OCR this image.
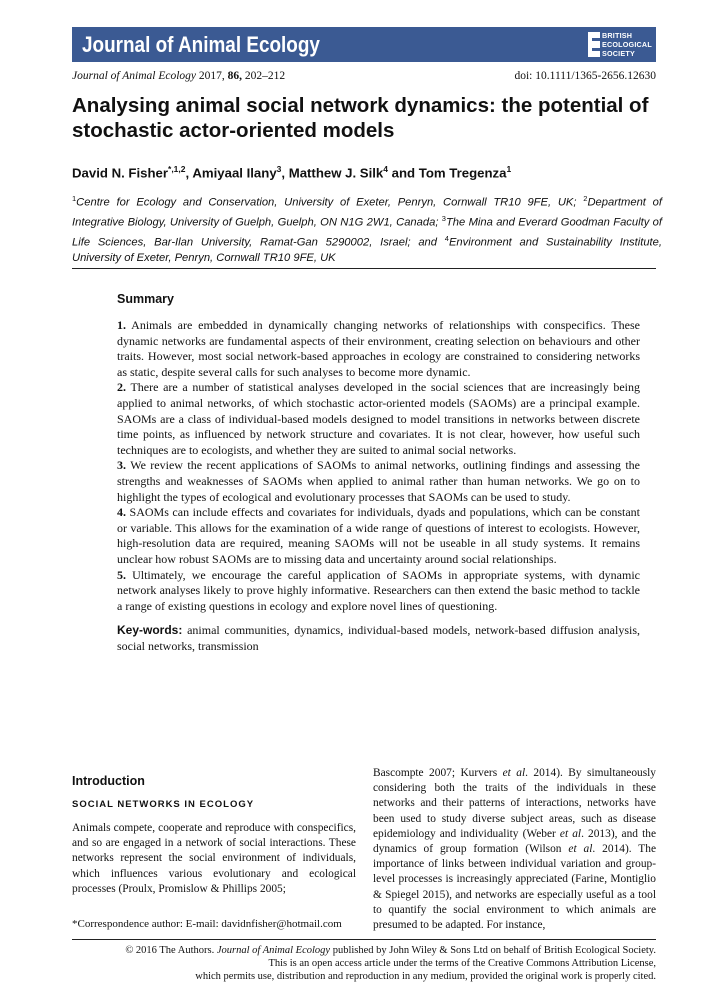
Journal of Animal Ecology	BRITISH
ECOLOGICAL
SOCIETY
Journal of Animal Ecology 2017, 86, 202–212	doi: 10.1111/1365-2656.12630
Analysing animal social network dynamics: the potential of stochastic actor-oriented models
David N. Fisher$^{*,1,2}$, Amiyaal Ilany$^3$, Matthew J. Silk$^4$ and Tom Tregenza$^1$
$^1$Centre for Ecology and Conservation, University of Exeter, Penryn, Cornwall TR10 9FE, UK; $^2$Department of Integrative Biology, University of Guelph, Guelph, ON N1G 2W1, Canada; $^3$The Mina and Everard Goodman Faculty of Life Sciences, Bar-Ilan University, Ramat-Gan 5290002, Israel; and $^4$Environment and Sustainability Institute, University of Exeter, Penryn, Cornwall TR10 9FE, UK
Summary

1. Animals are embedded in dynamically changing networks of relationships with conspecifics. These dynamic networks are fundamental aspects of their environment, creating selection on behaviours and other traits. However, most social network-based approaches in ecology are constrained to considering networks as static, despite several calls for such analyses to become more dynamic.

2. There are a number of statistical analyses developed in the social sciences that are increasingly being applied to animal networks, of which stochastic actor-oriented models (SAOMs) are a principal example. SAOMs are a class of individual-based models designed to model transitions in networks between discrete time points, as influenced by network structure and covariates. It is not clear, however, how useful such techniques are to ecologists, and whether they are suited to animal social networks.

3. We review the recent applications of SAOMs to animal networks, outlining findings and assessing the strengths and weaknesses of SAOMs when applied to animal rather than human networks. We go on to highlight the types of ecological and evolutionary processes that SAOMs can be used to study.

4. SAOMs can include effects and covariates for individuals, dyads and populations, which can be constant or variable. This allows for the examination of a wide range of questions of interest to ecologists. However, high-resolution data are required, meaning SAOMs will not be useable in all study systems. It remains unclear how robust SAOMs are to missing data and uncertainty around social relationships.

5. Ultimately, we encourage the careful application of SAOMs in appropriate systems, with dynamic network analyses likely to prove highly informative. Researchers can then extend the basic method to tackle a range of existing questions in ecology and explore novel lines of questioning.

Key-words: animal communities, dynamics, individual-based models, network-based diffusion analysis, social networks, transmission

Introduction
SOCIAL NETWORKS IN ECOLOGY

Animals compete, cooperate and reproduce with conspecifics, and so are engaged in a network of social interactions. These networks represent the social environment of individuals, which influences various evolutionary and ecological processes (Proulx, Promislow & Phillips 2005;

Bascompte 2007; Kurvers et al. 2014). By simultaneously considering both the traits of the individuals in these networks and their patterns of interactions, networks have been used to study diverse subject areas, such as disease epidemiology and individuality (Weber et al. 2013), and the dynamics of group formation (Wilson et al. 2014). The importance of links between individual variation and group-level processes is increasingly appreciated (Farine, Montiglio & Spiegel 2015), and networks are especially useful as a tool to quantify the social environment to which animals are presumed to be adapted. For instance,

*Correspondence author: E-mail: davidnfisher@hotmail.com
© 2016 The Authors. Journal of Animal Ecology published by John Wiley & Sons Ltd on behalf of British Ecological Society.
This is an open access article under the terms of the Creative Commons Attribution License,
which permits use, distribution and reproduction in any medium, provided the original work is properly cited.
